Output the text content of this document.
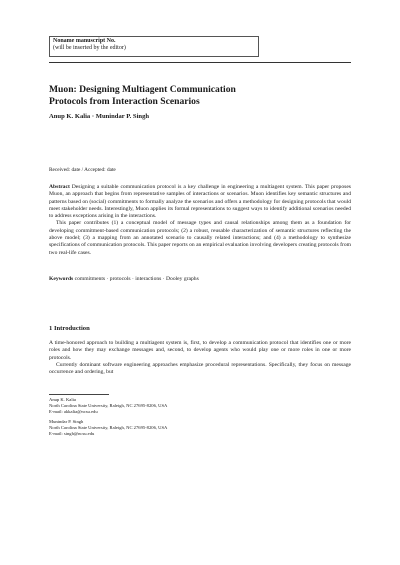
Noname manuscript No.
(will be inserted by the editor)
Muon: Designing Multiagent Communication
Protocols from Interaction Scenarios
Anup K. Kalia · Munindar P. Singh
Received: date / Accepted: date

Abstract Designing a suitable communication protocol is a key challenge in engineering a multiagent system. This paper proposes Muon, an approach that begins from representative samples of interactions or scenarios. Muon identifies key semantic structures and patterns based on (social) commitments to formally analyze the scenarios and offers a methodology for designing protocols that would meet stakeholder needs. Interestingly, Muon applies its formal representations to suggest ways to identify additional scenarios needed to address exceptions arising in the interactions.

This paper contributes (1) a conceptual model of message types and causal relationships among them as a foundation for developing commitment-based communication protocols; (2) a robust, reusable characterization of semantic structures reflecting the above model; (3) a mapping from an annotated scenario to causally related interactions; and (4) a methodology to synthesize specifications of communication protocols. This paper reports on an empirical evaluation involving developers creating protocols from two real-life cases.

Keywords commitments · protocols · interactions · Dooley graphs
1 Introduction

A time-honored approach to building a multiagent system is, first, to develop a communication protocol that identifies one or more roles and how they may exchange messages and, second, to develop agents who would play one or more roles in one or more protocols.

Currently dominant software engineering approaches emphasize procedural representations. Specifically, they focus on message occurrence and ordering, but

Anup K. Kalia
North Carolina State University, Raleigh, NC 27695-8206, USA
E-mail: akkalia@ncsu.edu
Munindar P. Singh
North Carolina State University, Raleigh, NC 27695-8206, USA
E-mail: singh@ncsu.edu
